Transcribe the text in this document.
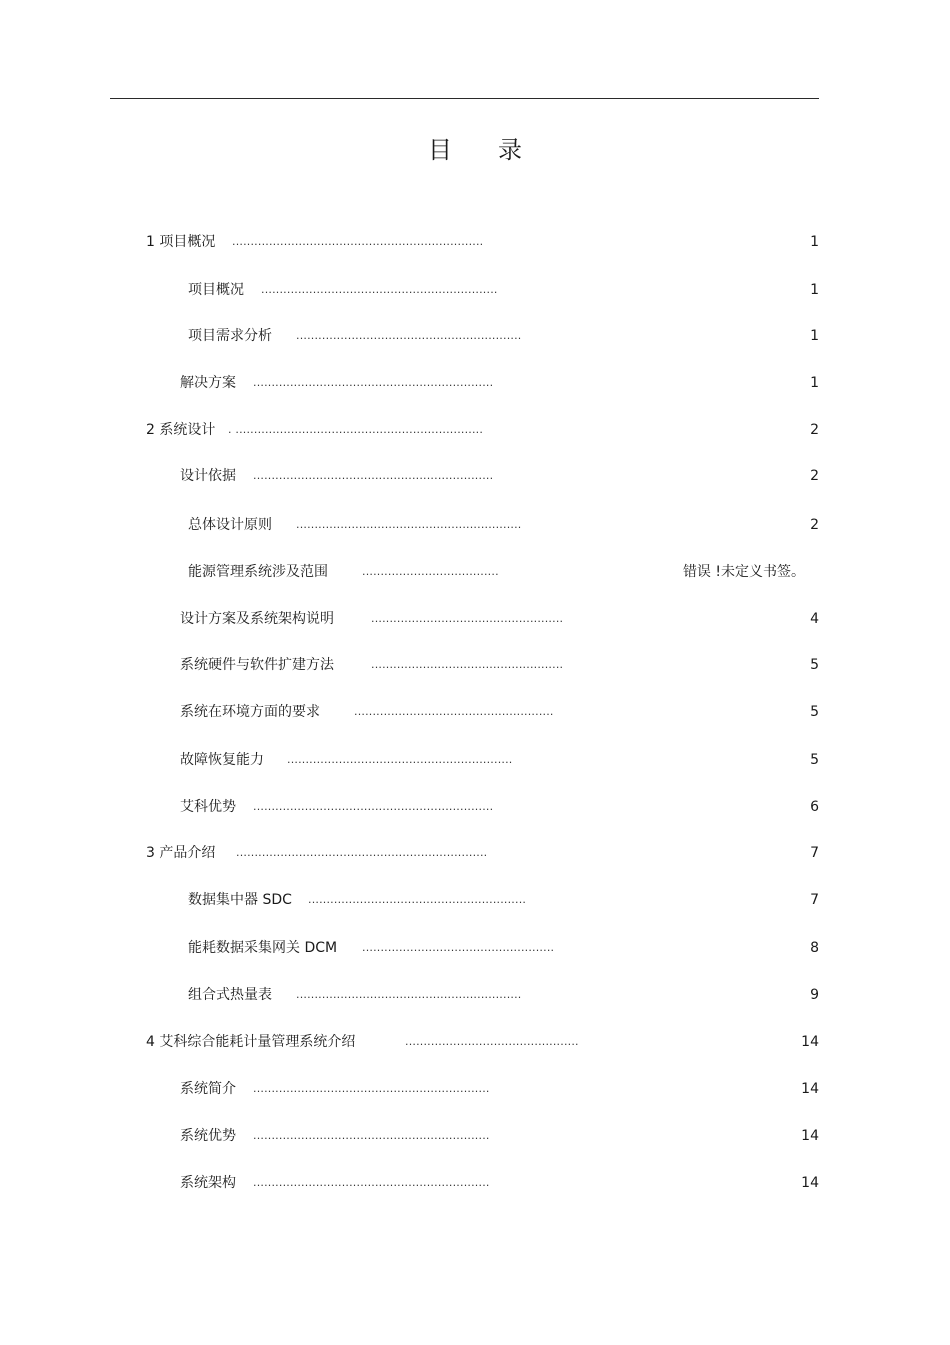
目录
1 项目概况 ....................................................................	1
项目概况 ................................................................	1
项目需求分析 .............................................................	1
解决方案 .................................................................	1
2 系统设计 . ...................................................................	2
设计依据 .................................................................	2
总体设计原则 .............................................................	2
能源管理系统涉及范围	.....................................	错误 !未定义书签。
设计方案及系统架构说明	....................................................	4
系统硬件与软件扩建方法	....................................................	5
系统在环境方面的要求	......................................................	5
故障恢复能力 .............................................................	5
艾科优势 .................................................................	6
3 产品介绍 ....................................................................	7
数据集中器 SDC ...........................................................	7
能耗数据采集网关 DCM ....................................................	8
组合式热量表 .............................................................	9
4 艾科综合能耗计量管理系统介绍	...............................................	14
系统简介 ................................................................	14
系统优势 ................................................................	14
系统架构 ................................................................	14
